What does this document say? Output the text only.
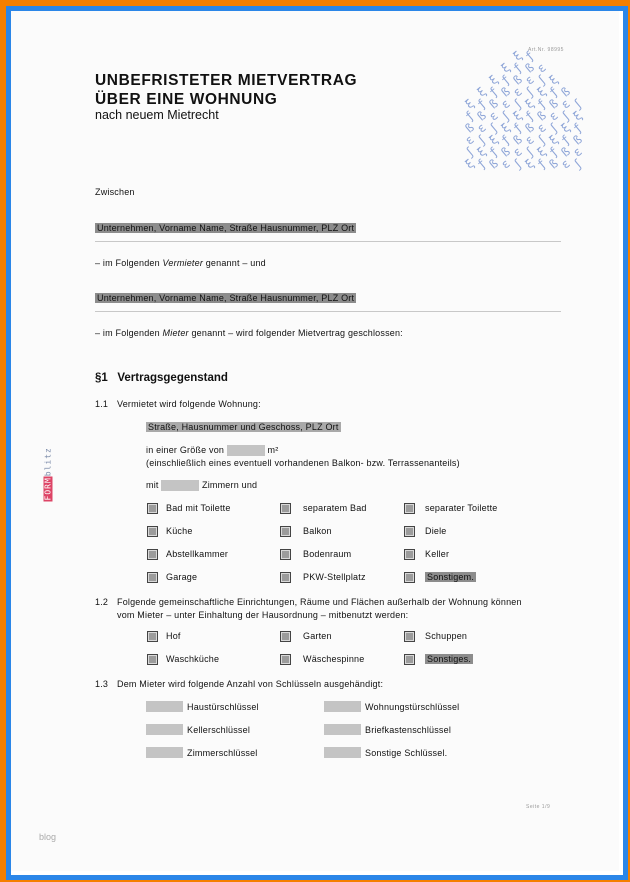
Art.Nr. 98995
ξ
ƒ
ξ
ƒ
ß
ε
ξ
ƒ
ß
ε
ʃ
ξ
ξ
ƒ
ß
ε
ʃ
ξ
ƒ
ß
ξ
ƒ
ß
ε
ʃ
ξ
ƒ
ß
ε
ʃ
ƒ
ß
ε
ʃ
ξ
ƒ
ß
ε
ʃ
ξ
ß
ε
ʃ
ξ
ƒ
ß
ε
ʃ
ξ
ƒ
ε
ʃ
ξ
ƒ
ß
ε
ʃ
ξ
ƒ
ß
ʃ
ξ
ƒ
ß
ε
ʃ
ξ
ƒ
ß
ε
ξ
ƒ
ß
ε
ʃ
ξ
ƒ
ß
ε
ʃ
UNBEFRISTETER MIETVERTRAG
ÜBER EINE WOHNUNG
nach neuem Mietrecht
Zwischen
Unternehmen, Vorname Name, Straße Hausnummer, PLZ Ort
– im Folgenden Vermieter genannt – und
Unternehmen, Vorname Name, Straße Hausnummer, PLZ Ort
– im Folgenden Mieter genannt – wird folgender Mietvertrag geschlossen:
§1   Vertragsgegenstand
1.1 Vermietet wird folgende Wohnung:
Straße, Hausnummer und Geschoss, PLZ Ort
in einer Größe von	m²
(einschließlich eines eventuell vorhandenen Balkon- bzw. Terrassenanteils)
mit	Zimmern und
Bad mit Toilette	separatem Bad	separater Toilette
Küche	Balkon	Diele
Abstellkammer	Bodenraum	Keller
Garage	PKW-Stellplatz	Sonstigem.
1.2 Folgende gemeinschaftliche Einrichtungen, Räume und Flächen außerhalb der Wohnung können
vom Mieter – unter Einhaltung der Hausordnung – mitbenutzt werden:
Hof	Garten	Schuppen
Waschküche	Wäschespinne	Sonstiges.
1.3 Dem Mieter wird folgende Anzahl von Schlüsseln ausgehändigt:
Haustürschlüssel	Wohnungstürschlüssel
Kellerschlüssel	Briefkastenschlüssel
Zimmerschlüssel	Sonstige Schlüssel.
Seite 1/9
FORMblitz
blog
